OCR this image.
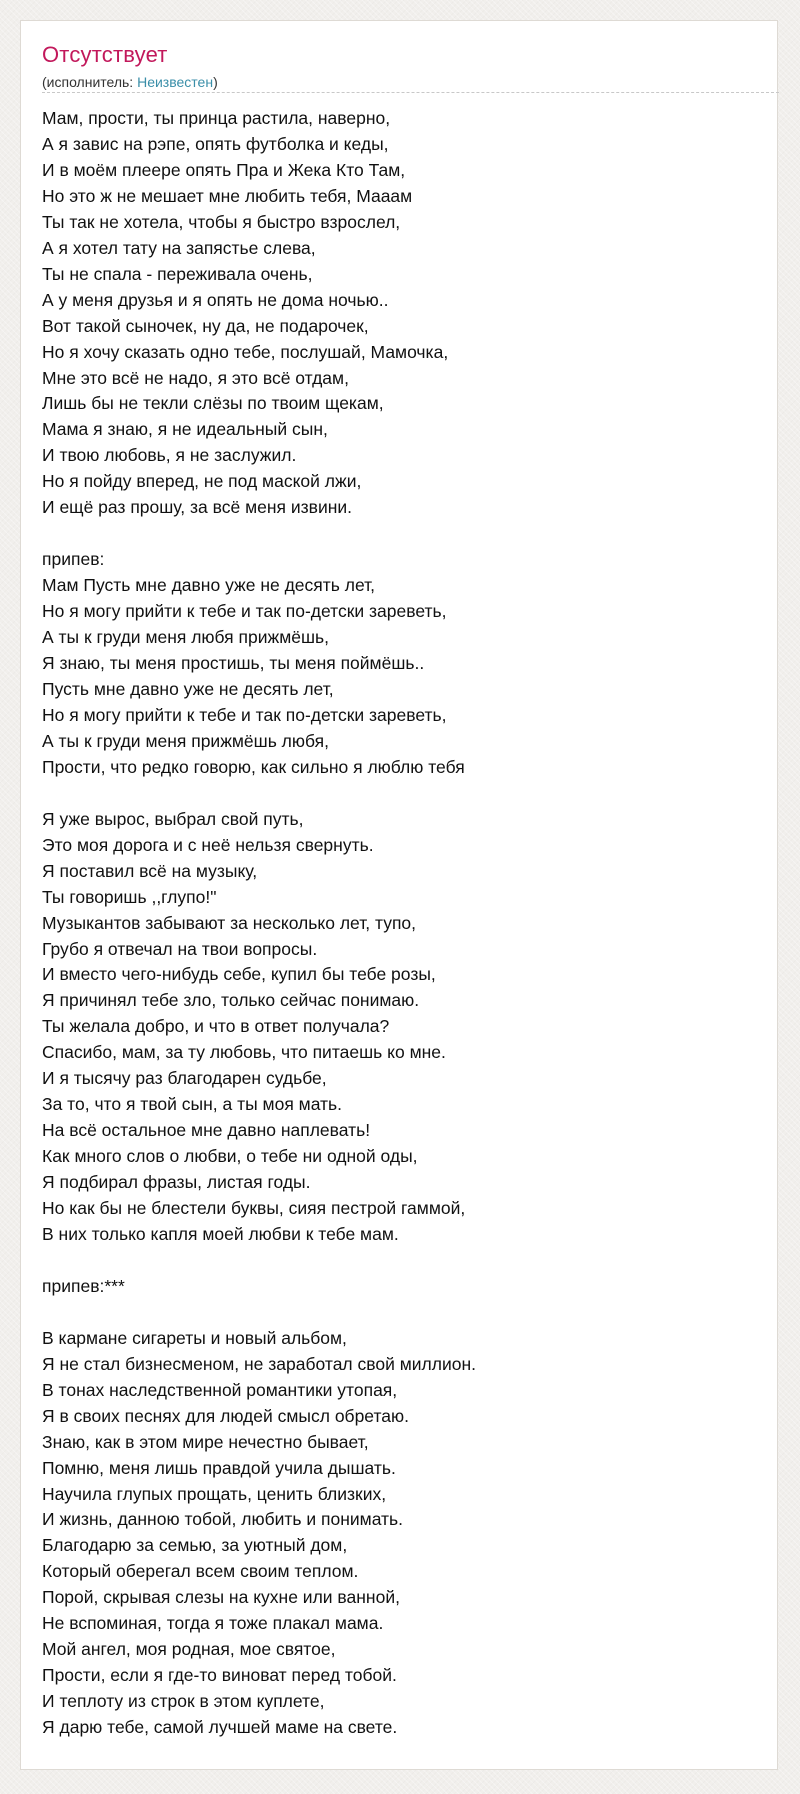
Отсутствует
(исполнитель: Неизвестен)
Мам, прости, ты принца растила, наверно,
А я завис на рэпе, опять футболка и кеды,
И в моём плеере опять Пра и Жека Кто Там,
Но это ж не мешает мне любить тебя, Мааам
Ты так не хотела, чтобы я быстро взрослел,
А я хотел тату на запястье слева,
Ты не спала - переживала очень,
А у меня друзья и я опять не дома ночью..
Вот такой сыночек, ну да, не подарочек,
Но я хочу сказать одно тебе, послушай, Мамочка,
Мне это всё не надо, я это всё отдам,
Лишь бы не текли слёзы по твоим щекам,
Мама я знаю, я не идеальный сын,
И твою любовь, я не заслужил.
Но я пойду вперед, не под маской лжи,
И ещё раз прошу, за всё меня извини.

припев:
Мам Пусть мне давно уже не десять лет,
Но я могу прийти к тебе и так по-детски зареветь,
А ты к груди меня любя прижмёшь,
Я знаю, ты меня простишь, ты меня поймёшь..
Пусть мне давно уже не десять лет,
Но я могу прийти к тебе и так по-детски зареветь,
А ты к груди меня прижмёшь любя,
Прости, что редко говорю, как сильно я люблю тебя

Я уже вырос, выбрал свой путь,
Это моя дорога и с неё нельзя свернуть.
Я поставил всё на музыку,
Ты говоришь ,,глупо!"
Музыкантов забывают за несколько лет, тупо,
Грубо я отвечал на твои вопросы.
И вместо чего-нибудь себе, купил бы тебе розы,
Я причинял тебе зло, только сейчас понимаю.
Ты желала добро, и что в ответ получала?
Спасибо, мам, за ту любовь, что питаешь ко мне.
И я тысячу раз благодарен судьбе,
За то, что я твой сын, а ты моя мать.
На всё остальное мне давно наплевать!
Как много слов о любви, о тебе ни одной оды,
Я подбирал фразы, листая годы.
Но как бы не блестели буквы, сияя пестрой гаммой,
В них только капля моей любви к тебе мам.

припев:***

В кармане сигареты и новый альбом,
Я не стал бизнесменом, не заработал свой миллион.
В тонах наследственной романтики утопая,
Я в своих песнях для людей смысл обретаю.
Знаю, как в этом мире нечестно бывает,
Помню, меня лишь правдой учила дышать.
Научила глупых прощать, ценить близких,
И жизнь, данною тобой, любить и понимать.
Благодарю за семью, за уютный дом,
Который оберегал всем своим теплом.
Порой, скрывая слезы на кухне или ванной,
Не вспоминая, тогда я тоже плакал мама.
Мой ангел, моя родная, мое святое,
Прости, если я где-то виноват перед тобой.
И теплоту из строк в этом куплете,
Я дарю тебе, самой лучшей маме на свете.
